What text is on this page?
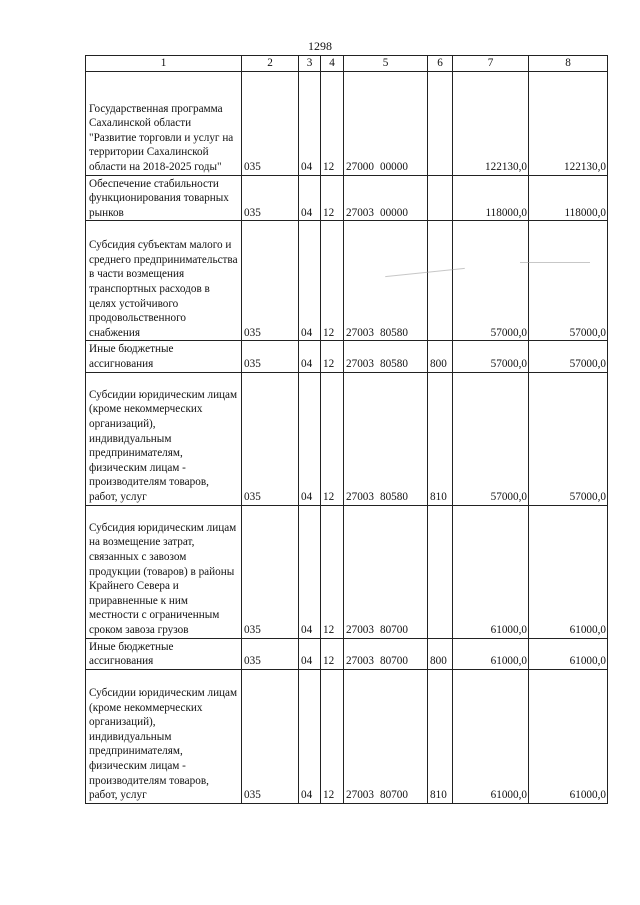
1298
1	2	3	4	5	6	7	8
Государственная программа Сахалинской области "Развитие торговли и услуг на территории Сахалинской области на 2018-2025 годы"	035	04	12	27000 00000		122130,0	122130,0
Обеспечение стабильности функционирования товарных рынков	035	04	12	27003 00000		118000,0	118000,0
Субсидия субъектам малого и среднего предпринимательства в части возмещения транспортных расходов в целях устойчивого продовольственного снабжения	035	04	12	27003 80580		57000,0	57000,0
Иные бюджетные ассигнования	035	04	12	27003 80580	800	57000,0	57000,0
Субсидии юридическим лицам (кроме некоммерческих организаций), индивидуальным предпринимателям, физическим лицам - производителям товаров, работ, услуг	035	04	12	27003 80580	810	57000,0	57000,0
Субсидия юридическим лицам на возмещение затрат, связанных с завозом продукции (товаров) в районы Крайнего Севера и приравненные к ним местности с ограниченным сроком завоза грузов	035	04	12	27003 80700		61000,0	61000,0
Иные бюджетные ассигнования	035	04	12	27003 80700	800	61000,0	61000,0
Субсидии юридическим лицам (кроме некоммерческих организаций), индивидуальным предпринимателям, физическим лицам - производителям товаров, работ, услуг	035	04	12	27003 80700	810	61000,0	61000,0
